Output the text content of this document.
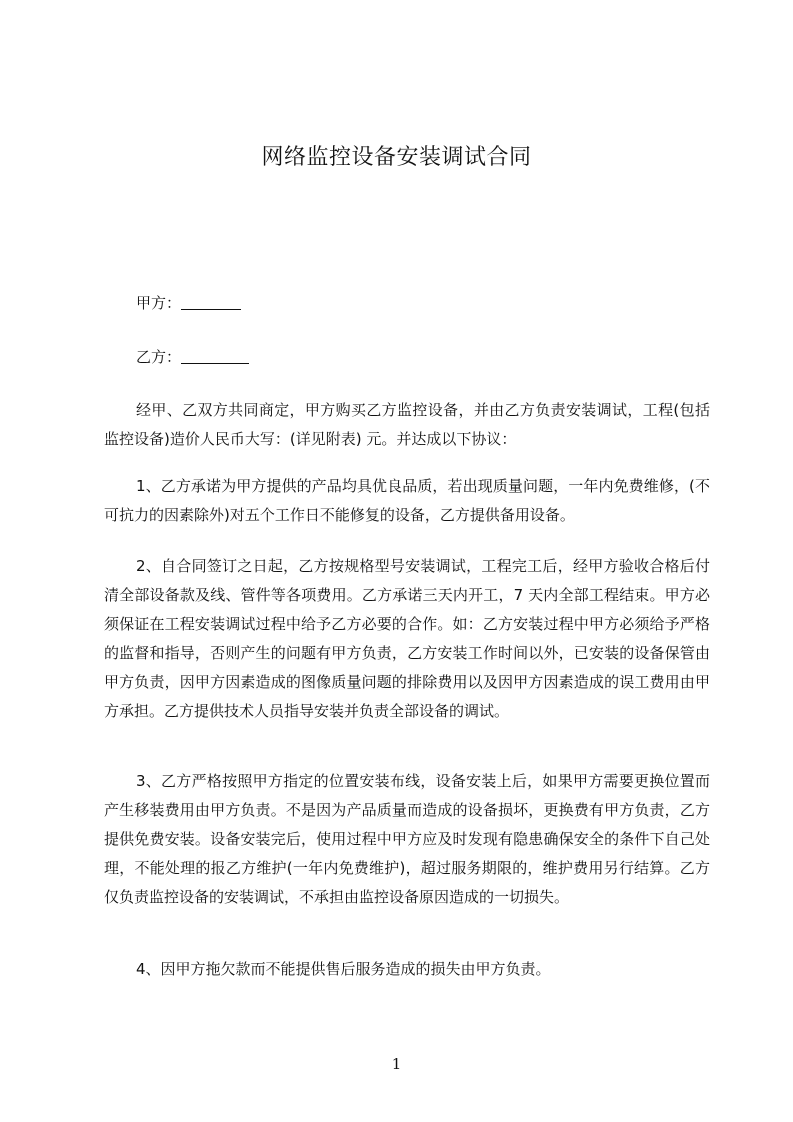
网络监控设备安装调试合同
甲方：
乙方：

经甲、乙双方共同商定，甲方购买乙方监控设备，并由乙方负责安装调试，工程(包括监控设备)造价人民币大写：(详见附表) 元。并达成以下协议：

1、乙方承诺为甲方提供的产品均具优良品质，若出现质量问题，一年内免费维修，(不可抗力的因素除外)对五个工作日不能修复的设备，乙方提供备用设备。

2、自合同签订之日起，乙方按规格型号安装调试，工程完工后，经甲方验收合格后付清全部设备款及线、管件等各项费用。乙方承诺三天内开工，7 天内全部工程结束。甲方必须保证在工程安装调试过程中给予乙方必要的合作。如：乙方安装过程中甲方必须给予严格的监督和指导，否则产生的问题有甲方负责，乙方安装工作时间以外，已安装的设备保管由甲方负责，因甲方因素造成的图像质量问题的排除费用以及因甲方因素造成的误工费用由甲方承担。乙方提供技术人员指导安装并负责全部设备的调试。

3、乙方严格按照甲方指定的位置安装布线，设备安装上后，如果甲方需要更换位置而产生移装费用由甲方负责。不是因为产品质量而造成的设备损坏，更换费有甲方负责，乙方提供免费安装。设备安装完后，使用过程中甲方应及时发现有隐患确保安全的条件下自己处理，不能处理的报乙方维护(一年内免费维护)，超过服务期限的，维护费用另行结算。乙方仅负责监控设备的安装调试，不承担由监控设备原因造成的一切损失。

4、因甲方拖欠款而不能提供售后服务造成的损失由甲方负责。

1
